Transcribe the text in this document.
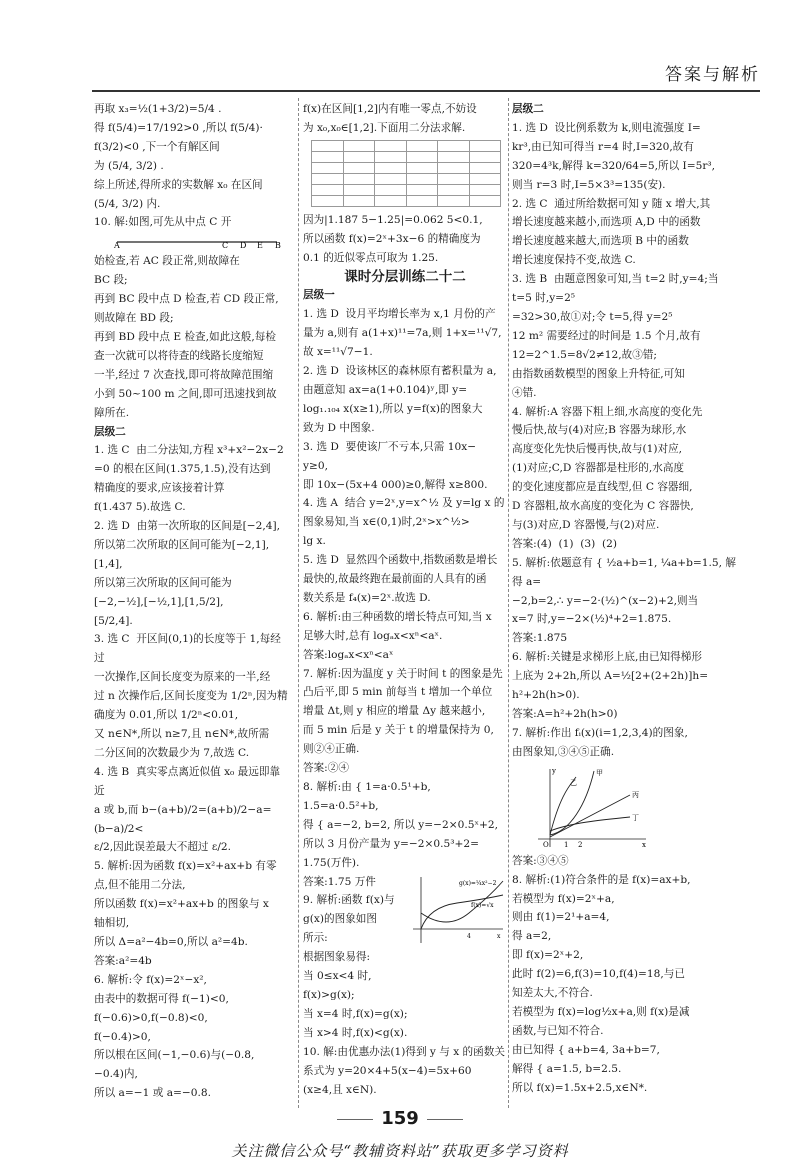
答案与解析

再取 x₃=½(1+3/2)=5/4 .

得 f(5/4)=17/192>0 ,所以 f(5/4)·

f(3/2)<0 ,下一个有解区间

为 (5/4, 3/2) .

综上所述,得所求的实数解 x₀ 在区间

(5/4, 3/2) 内.

10. 解:如图,可先从中点 C 开

A	C D E B

始检查,若 AC 段正常,则故障在

BC 段;

再到 BC 段中点 D 检查,若 CD 段正常,

则故障在 BD 段;

再到 BD 段中点 E 检查,如此这般,每检

查一次就可以将待查的线路长度缩短

一半,经过 7 次查找,即可将故障范围缩

小到 50~100 m 之间,即可迅速找到故

障所在.

层级二

1. 选 C  由二分法知,方程 x³+x²−2x−2

=0 的根在区间(1.375,1.5),没有达到

精确度的要求,应该接着计算

f(1.437 5).故选 C.

2. 选 D  由第一次所取的区间是[−2,4],

所以第二次所取的区间可能为[−2,1],

[1,4],

所以第三次所取的区间可能为

[−2,−½],[−½,1],[1,5/2],

[5/2,4].

3. 选 C  开区间(0,1)的长度等于 1,每经过

一次操作,区间长度变为原来的一半,经

过 n 次操作后,区间长度变为 1/2ⁿ,因为精

确度为 0.01,所以 1/2ⁿ<0.01,

又 n∈N*,所以 n≥7,且 n∈N*,故所需

二分区间的次数最少为 7,故选 C.

4. 选 B  真实零点离近似值 x₀ 最远即靠近

a 或 b,而 b−(a+b)/2=(a+b)/2−a=(b−a)/2<

ε/2,因此误差最大不超过 ε/2.

5. 解析:因为函数 f(x)=x²+ax+b 有零

点,但不能用二分法,

所以函数 f(x)=x²+ax+b 的图象与 x

轴相切,

所以 Δ=a²−4b=0,所以 a²=4b.

答案:a²=4b

6. 解析:令 f(x)=2ˣ−x²,

由表中的数据可得 f(−1)<0,

f(−0.6)>0,f(−0.8)<0,

f(−0.4)>0,

所以根在区间(−1,−0.6)与(−0.8,

−0.4)内,

所以 a=−1 或 a=−0.8.

f(x)在区间[1,2]内有唯一零点,不妨设

为 x₀,x₀∈[1,2].下面用二分法求解.

因为|1.187 5−1.25|=0.062 5<0.1,

所以函数 f(x)=2ˣ+3x−6 的精确度为

0.1 的近似零点可取为 1.25.

课时分层训练二十二

层级一

1. 选 D  设月平均增长率为 x,1 月份的产

量为 a,则有 a(1+x)¹¹=7a,则 1+x=¹¹√7,

故 x=¹¹√7−1.

2. 选 D  设该林区的森林原有蓄积量为 a,

由题意知 ax=a(1+0.104)ʸ,即 y=

log₁.₁₀₄ x(x≥1),所以 y=f(x)的图象大

致为 D 中图象.

3. 选 D  要使该厂不亏本,只需 10x−

y≥0,

即 10x−(5x+4 000)≥0,解得 x≥800.

4. 选 A  结合 y=2ˣ,y=x^½ 及 y=lg x 的

图象易知,当 x∈(0,1)时,2ˣ>x^½>

lg x.

5. 选 D  显然四个函数中,指数函数是增长

最快的,故最终跑在最前面的人具有的函

数关系是 f₄(x)=2ˣ.故选 D.

6. 解析:由三种函数的增长特点可知,当 x

足够大时,总有 logₐx<xⁿ<aˣ.

答案:logₐx<xⁿ<aˣ

7. 解析:因为温度 y 关于时间 t 的图象是先

凸后平,即 5 min 前每当 t 增加一个单位

增量 Δt,则 y 相应的增量 Δy 越来越小,

而 5 min 后是 y 关于 t 的增量保持为 0,

则②④正确.

答案:②④

8. 解析:由 { 1=a·0.5¹+b, 1.5=a·0.5²+b,

得 { a=−2, b=2, 所以 y=−2×0.5ˣ+2,

所以 3 月份产量为 y=−2×0.5³+2=

1.75(万件).

g(x)=¼x²−2
f(x)=√x
4	x

答案:1.75 万件

9. 解析:函数 f(x)与

g(x)的图象如图

所示:

根据图象易得:

当 0≤x<4 时,

f(x)>g(x);

当 x=4 时,f(x)=g(x);

当 x>4 时,f(x)<g(x).

10. 解:由优惠办法(1)得到 y 与 x 的函数关

系式为 y=20×4+5(x−4)=5x+60

(x≥4,且 x∈N).

层级二

1. 选 D  设比例系数为 k,则电流强度 I=

kr³,由已知可得当 r=4 时,I=320,故有

320=4³k,解得 k=320/64=5,所以 I=5r³,

则当 r=3 时,I=5×3³=135(安).

2. 选 C  通过所给数据可知 y 随 x 增大,其

增长速度越来越小,而选项 A,D 中的函数

增长速度越来越大,而选项 B 中的函数

增长速度保持不变,故选 C.

3. 选 B  由题意图象可知,当 t=2 时,y=4;当 t=5 时,y=2⁵

=32>30,故①对;令 t=5,得 y=2⁵

12 m² 需要经过的时间是 1.5 个月,故有

12=2^1.5=8√2≠12,故③错;

由指数函数模型的图象上升特征,可知

④错.

4. 解析:A 容器下粗上细,水高度的变化先

慢后快,故与(4)对应;B 容器为球形,水

高度变化先快后慢再快,故与(1)对应,

(1)对应;C,D 容器都是柱形的,水高度

的变化速度都应是直线型,但 C 容器细,

D 容器粗,故水高度的变化为 C 容器快,

与(3)对应,D 容器慢,与(2)对应.

答案:(4)  (1)  (3)  (2)

5. 解析:依题意有 { ½a+b=1, ¼a+b=1.5, 解得 a=

−2,b=2,∴ y=−2·(½)^(x−2)+2,则当

x=7 时,y=−2×(½)⁴+2=1.875.

答案:1.875

6. 解析:关键是求梯形上底,由已知得梯形

上底为 2+2h,所以 A=½[2+(2+2h)]h=

h²+2h(h>0).

答案:A=h²+2h(h>0)

7. 解析:作出 fᵢ(x)(i=1,2,3,4)的图象,

由图象知,③④⑤正确.

甲
乙
丙
丁
O 1 2	x
y

答案:③④⑤

8. 解析:(1)符合条件的是 f(x)=ax+b,

若模型为 f(x)=2ˣ+a,

则由 f(1)=2¹+a=4,

得 a=2,

即 f(x)=2ˣ+2,

此时 f(2)=6,f(3)=10,f(4)=18,与已

知差太大,不符合.

若模型为 f(x)=log½x+a,则 f(x)是减

函数,与已知不符合.

由已知得 { a+b=4, 3a+b=7,

解得 { a=1.5, b=2.5.

所以 f(x)=1.5x+2.5,x∈N*.

159
关注微信公众号“教辅资料站”获取更多学习资料
